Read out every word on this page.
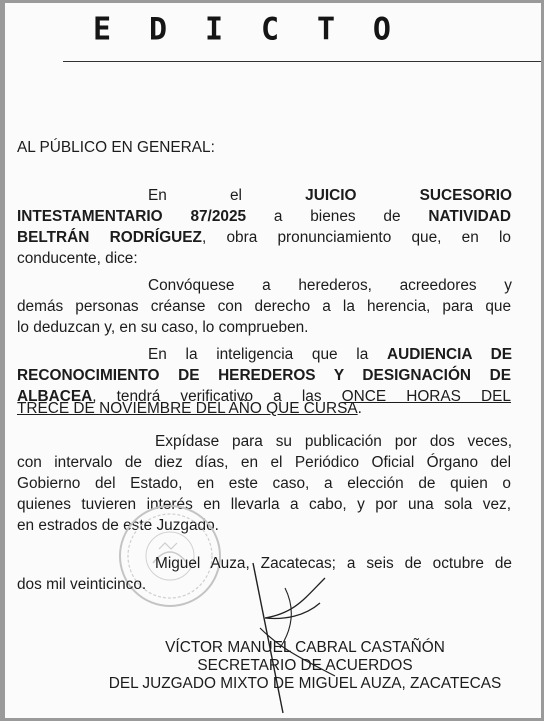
E D I C T O

AL PÚBLICO EN GENERAL:

En	el	JUICIO	SUCESORIO
INTESTAMENTARIO 87/2025 a bienes de NATIVIDAD
BELTRÁN RODRÍGUEZ, obra pronunciamiento que, en lo
conducente, dice:
Convóquese a herederos, acreedores y
demás personas créanse con derecho a la herencia, para que
lo deduzcan y, en su caso, lo comprueben.
En la inteligencia que la AUDIENCIA DE
RECONOCIMIENTO DE HEREDEROS Y DESIGNACIÓN DE
ALBACEA, tendrá verificativo a las ONCE HORAS DEL
TRECE DE NOVIEMBRE DEL AÑO QUE CURSA.
Expídase para su publicación por dos veces,
con intervalo de diez días, en el Periódico Oficial Órgano del
Gobierno del Estado, en este caso, a elección de quien o
quienes tuvieren interés en llevarla a cabo, y por una sola vez,
en estrados de este Juzgado.
Miguel Auza, Zacatecas; a seis de octubre de
dos mil veinticinco.
VÍCTOR MANUEL CABRAL CASTAÑÓN
SECRETARIO DE ACUERDOS
DEL JUZGADO MIXTO DE MIGUEL AUZA, ZACATECAS
